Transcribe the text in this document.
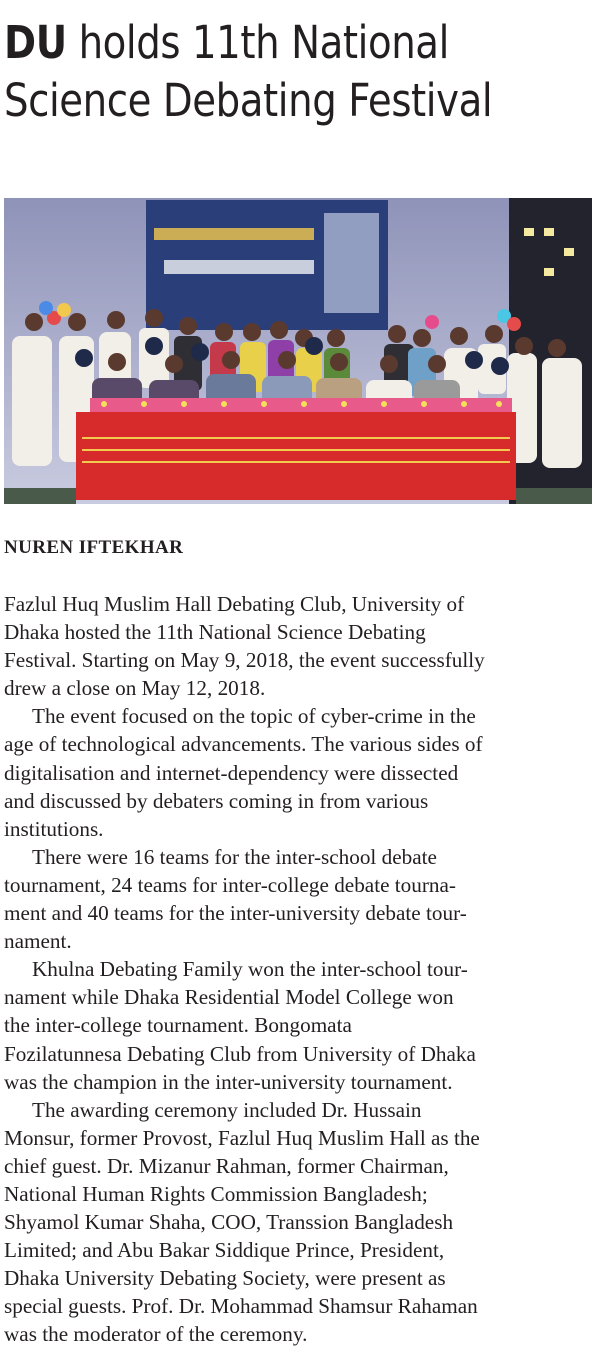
DU holds 11th National
Science Debating Festival
NUREN IFTEKHAR
Fazlul Huq Muslim Hall Debating Club, University of
Dhaka hosted the 11th National Science Debating
Festival. Starting on May 9, 2018, the event successfully
drew a close on May 12, 2018.
The event focused on the topic of cyber-crime in the
age of technological advancements. The various sides of
digitalisation and internet-dependency were dissected
and discussed by debaters coming in from various
institutions.
There were 16 teams for the inter-school debate
tournament, 24 teams for inter-college debate tourna-
ment and 40 teams for the inter-university debate tour-
nament.
Khulna Debating Family won the inter-school tour-
nament while Dhaka Residential Model College won
the inter-college tournament. Bongomata
Fozilatunnesa Debating Club from University of Dhaka
was the champion in the inter-university tournament.
The awarding ceremony included Dr. Hussain
Monsur, former Provost, Fazlul Huq Muslim Hall as the
chief guest. Dr. Mizanur Rahman, former Chairman,
National Human Rights Commission Bangladesh;
Shyamol Kumar Shaha, COO, Transsion Bangladesh
Limited; and Abu Bakar Siddique Prince, President,
Dhaka University Debating Society, were present as
special guests. Prof. Dr. Mohammad Shamsur Rahaman
was the moderator of the ceremony.
